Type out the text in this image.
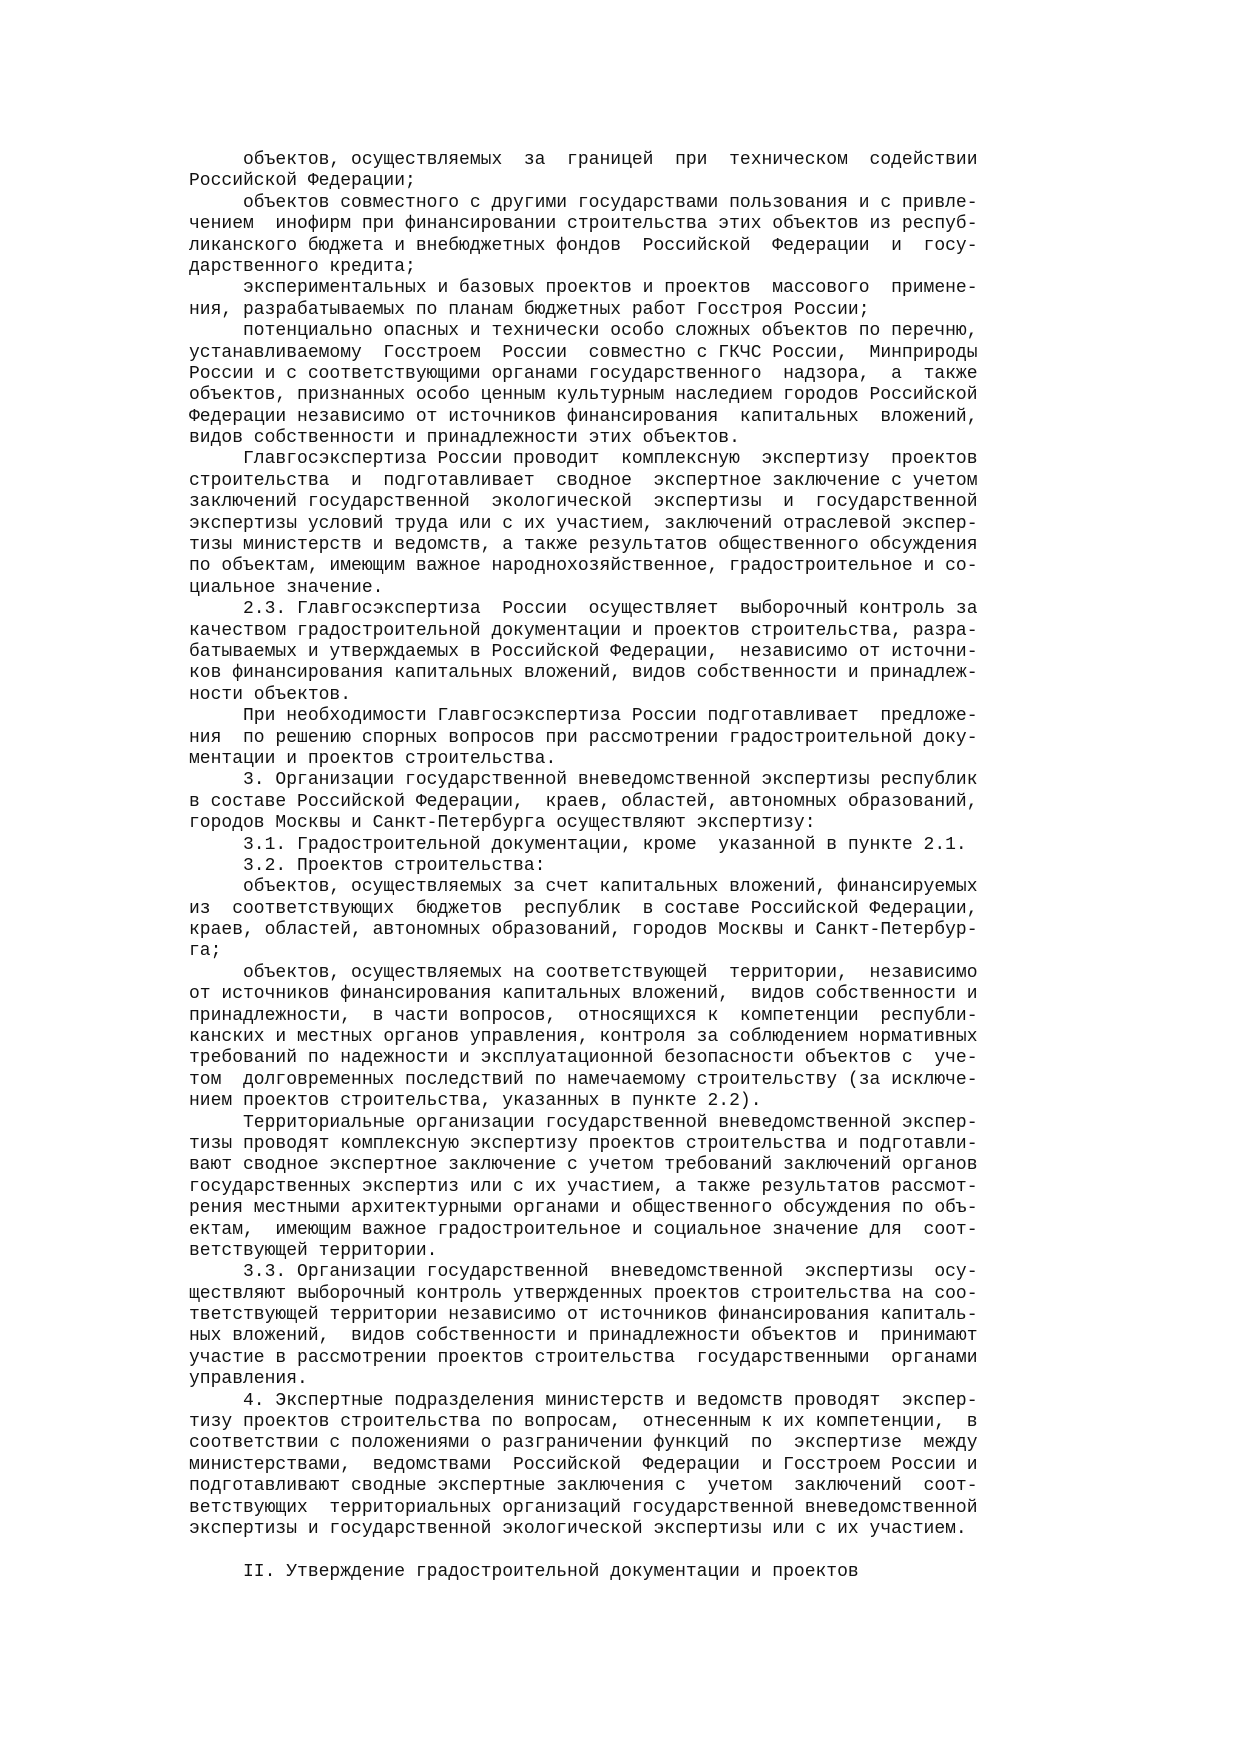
объектов, осуществляемых  за  границей  при  техническом  содействии
Российской Федерации;
объектов совместного с другими государствами пользования и с привле-
чением  инофирм при финансировании строительства этих объектов из респуб-
ликанского бюджета и внебюджетных фондов  Российской  Федерации  и  госу-
дарственного кредита;
экспериментальных и базовых проектов и проектов  массового  примене-
ния, разрабатываемых по планам бюджетных работ Госстроя России;
потенциально опасных и технически особо сложных объектов по перечню,
устанавливаемому  Госстроем  России  совместно с ГКЧС России,  Минприроды
России и с соответствующими органами государственного  надзора,  а  также
объектов, признанных особо ценным культурным наследием городов Российской
Федерации независимо от источников финансирования  капитальных  вложений,
видов собственности и принадлежности этих объектов.
Главгосэкспертиза России проводит  комплексную  экспертизу  проектов
строительства  и  подготавливает  сводное  экспертное заключение с учетом
заключений государственной  экологической  экспертизы  и  государственной
экспертизы условий труда или с их участием, заключений отраслевой экспер-
тизы министерств и ведомств, а также результатов общественного обсуждения
по объектам, имеющим важное народнохозяйственное, градостроительное и со-
циальное значение.
2.3. Главгосэкспертиза  России  осуществляет  выборочный контроль за
качеством градостроительной документации и проектов строительства, разра-
батываемых и утверждаемых в Российской Федерации,  независимо от источни-
ков финансирования капитальных вложений, видов собственности и принадлеж-
ности объектов.
При необходимости Главгосэкспертиза России подготавливает  предложе-
ния  по решению спорных вопросов при рассмотрении градостроительной доку-
ментации и проектов строительства.
3. Организации государственной вневедомственной экспертизы республик
в составе Российской Федерации,  краев, областей, автономных образований,
городов Москвы и Санкт-Петербурга осуществляют экспертизу:
3.1. Градостроительной документации, кроме  указанной в пункте 2.1.
3.2. Проектов строительства:
объектов, осуществляемых за счет капитальных вложений, финансируемых
из  соответствующих  бюджетов  республик  в составе Российской Федерации,
краев, областей, автономных образований, городов Москвы и Санкт-Петербур-
га;
объектов, осуществляемых на соответствующей  территории,  независимо
от источников финансирования капитальных вложений,  видов собственности и
принадлежности,  в части вопросов,  относящихся к  компетенции  республи-
канских и местных органов управления, контроля за соблюдением нормативных
требований по надежности и эксплуатационной безопасности объектов с  уче-
том  долговременных последствий по намечаемому строительству (за исключе-
нием проектов строительства, указанных в пункте 2.2).
Территориальные организации государственной вневедомственной экспер-
тизы проводят комплексную экспертизу проектов строительства и подготавли-
вают сводное экспертное заключение с учетом требований заключений органов
государственных экспертиз или с их участием, а также результатов рассмот-
рения местными архитектурными органами и общественного обсуждения по объ-
ектам,  имеющим важное градостроительное и социальное значение для  соот-
ветствующей территории.
3.3. Организации государственной  вневедомственной  экспертизы  осу-
ществляют выборочный контроль утвержденных проектов строительства на соо-
тветствующей территории независимо от источников финансирования капиталь-
ных вложений,  видов собственности и принадлежности объектов и  принимают
участие в рассмотрении проектов строительства  государственными  органами
управления.
4. Экспертные подразделения министерств и ведомств проводят  экспер-
тизу проектов строительства по вопросам,  отнесенным к их компетенции,  в
соответствии с положениями о разграничении функций  по  экспертизе  между
министерствами,  ведомствами  Российской  Федерации  и Госстроем России и
подготавливают сводные экспертные заключения с  учетом  заключений  соот-
ветствующих  территориальных организаций государственной вневедомственной
экспертизы и государственной экологической экспертизы или с их участием.
II. Утверждение градостроительной документации и проектов
